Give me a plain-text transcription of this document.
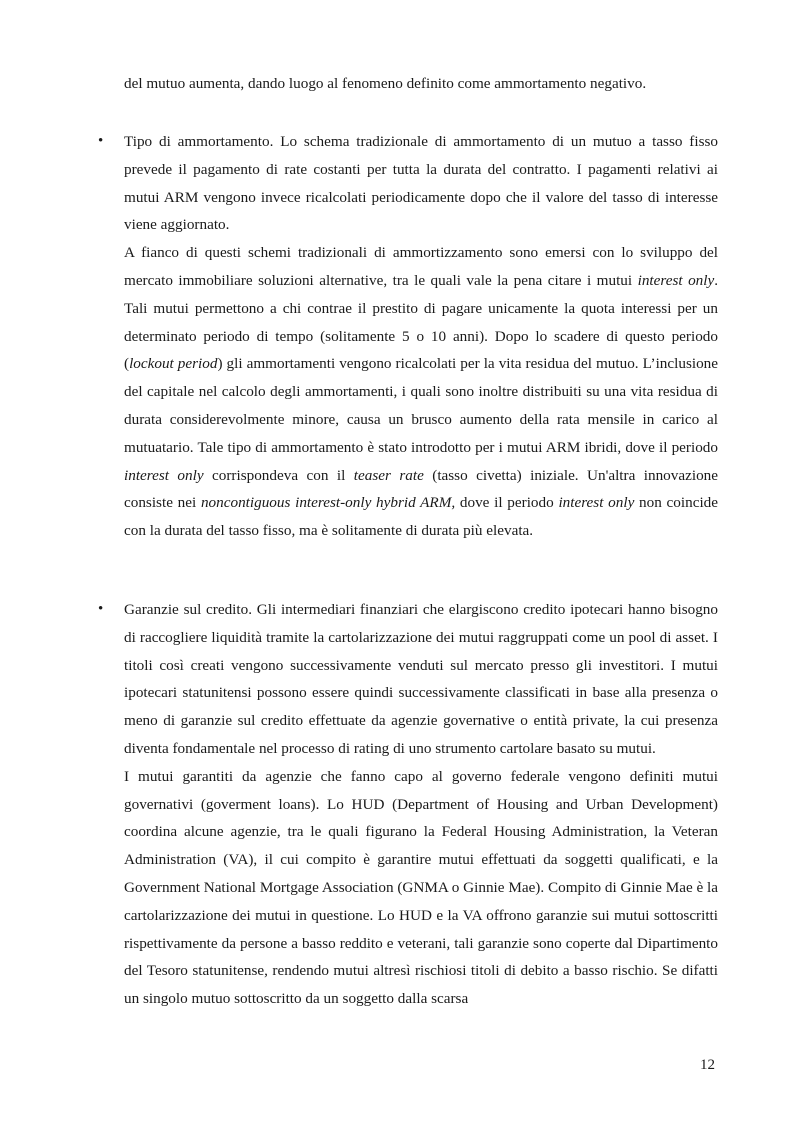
del mutuo aumenta, dando luogo al fenomeno definito come ammortamento negativo.

• Tipo di ammortamento. Lo schema tradizionale di ammortamento di un mutuo a tasso fisso prevede il pagamento di rate costanti per tutta la durata del contratto. I pagamenti relativi ai mutui ARM vengono invece ricalcolati periodicamente dopo che il valore del tasso di interesse viene aggiornato.

A fianco di questi schemi tradizionali di ammortizzamento sono emersi con lo sviluppo del mercato immobiliare soluzioni alternative, tra le quali vale la pena citare i mutui interest only. Tali mutui permettono a chi contrae il prestito di pagare unicamente la quota interessi per un determinato periodo di tempo (solitamente 5 o 10 anni). Dopo lo scadere di questo periodo (lockout period) gli ammortamenti vengono ricalcolati per la vita residua del mutuo. L’inclusione del capitale nel calcolo degli ammortamenti, i quali sono inoltre distribuiti su una vita residua di durata considerevolmente minore, causa un brusco aumento della rata mensile in carico al mutuatario. Tale tipo di ammortamento è stato introdotto per i mutui ARM ibridi, dove il periodo interest only corrispondeva con il teaser rate (tasso civetta) iniziale. Un'altra innovazione consiste nei noncontiguous interest-only hybrid ARM, dove il periodo interest only non coincide con la durata del tasso fisso, ma è solitamente di durata più elevata.

• Garanzie sul credito. Gli intermediari finanziari che elargiscono credito ipotecari hanno bisogno di raccogliere liquidità tramite la cartolarizzazione dei mutui raggruppati come un pool di asset. I titoli così creati vengono successivamente venduti sul mercato presso gli investitori. I mutui ipotecari statunitensi possono essere quindi successivamente classificati in base alla presenza o meno di garanzie sul credito effettuate da agenzie governative o entità private, la cui presenza diventa fondamentale nel processo di rating di uno strumento cartolare basato su mutui.

I mutui garantiti da agenzie che fanno capo al governo federale vengono definiti mutui governativi (goverment loans). Lo HUD (Department of Housing and Urban Development) coordina alcune agenzie, tra le quali figurano la Federal Housing Administration, la Veteran Administration (VA), il cui compito è garantire mutui effettuati da soggetti qualificati, e la Government National Mortgage Association (GNMA o Ginnie Mae). Compito di Ginnie Mae è la cartolarizzazione dei mutui in questione. Lo HUD e la VA offrono garanzie sui mutui sottoscritti rispettivamente da persone a basso reddito e veterani, tali garanzie sono coperte dal Dipartimento del Tesoro statunitense, rendendo mutui altresì rischiosi titoli di debito a basso rischio. Se difatti un singolo mutuo sottoscritto da un soggetto dalla scarsa

12
